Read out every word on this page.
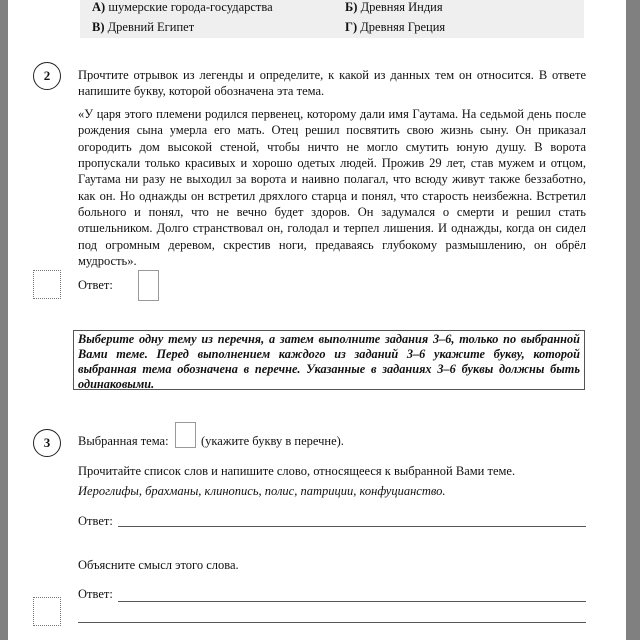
А) шумерские города-государства	Б) Древняя Индия
В) Древний Египет	Г) Древняя Греция
2	Прочтите отрывок из легенды и определите, к какой из данных тем он относится. В ответе напишите букву, которой обозначена эта тема.
«У царя этого племени родился первенец, которому дали имя Гаутама. На седьмой день после рождения сына умерла его мать. Отец решил посвятить свою жизнь сыну. Он приказал огородить дом высокой стеной, чтобы ничто не могло смутить юную душу. В ворота пропускали только красивых и хорошо одетых людей. Прожив 29 лет, став мужем и отцом, Гаутама ни разу не выходил за ворота и наивно полагал, что всюду живут также беззаботно, как он. Но однажды он встретил дряхлого старца и понял, что старость неизбежна. Встретил больного и понял, что не вечно будет здоров. Он задумался о смерти и решил стать отшельником. Долго странствовал он, голодал и терпел лишения. И однажды, когда он сидел под огромным деревом, скрестив ноги, предаваясь глубокому размышлению, он обрёл мудрость».
Ответ:
Выберите одну тему из перечня, а затем выполните задания 3–6, только по выбранной Вами теме. Перед выполнением каждого из заданий 3–6 укажите букву, которой выбранная тема обозначена в перечне. Указанные в заданиях 3–6 буквы должны быть одинаковыми.
3	Выбранная тема:	(укажите букву в перечне).
Прочитайте список слов и напишите слово, относящееся к выбранной Вами теме.
Иероглифы, брахманы, клинопись, полис, патриции, конфуцианство.
Ответ:
Объясните смысл этого слова.
Ответ:
